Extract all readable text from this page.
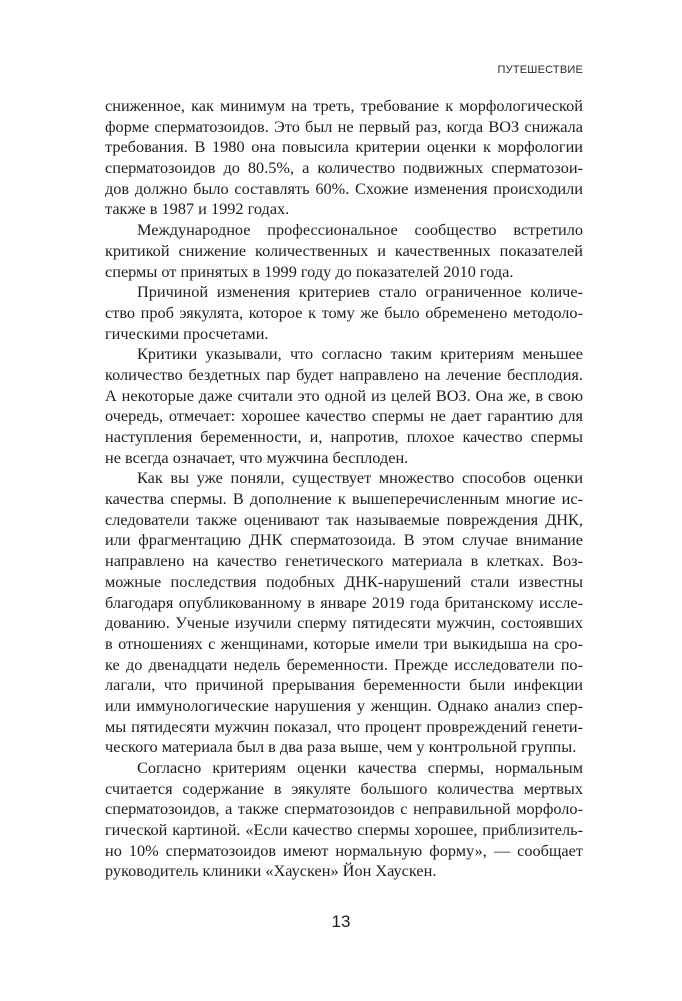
ПУТЕШЕСТВИЕ
сниженное, как минимум на треть, требование к морфологической
форме сперматозоидов. Это был не первый раз, когда ВОЗ снижала
требования. В 1980 она повысила критерии оценки к морфологии
сперматозоидов до 80.5%, а количество подвижных сперматозои-
дов должно было составлять 60%. Схожие изменения происходили
также в 1987 и 1992 годах.
Международное профессиональное сообщество встретило
критикой снижение количественных и качественных показателей
спермы от принятых в 1999 году до показателей 2010 года.
Причиной изменения критериев стало ограниченное количе-
ство проб эякулята, которое к тому же было обременено методоло-
гическими просчетами.
Критики указывали, что согласно таким критериям меньшее
количество бездетных пар будет направлено на лечение бесплодия.
А некоторые даже считали это одной из целей ВОЗ. Она же, в свою
очередь, отмечает: хорошее качество спермы не дает гарантию для
наступления беременности, и, напротив, плохое качество спермы
не всегда означает, что мужчина бесплоден.
Как вы уже поняли, существует множество способов оценки
качества спермы. В дополнение к вышеперечисленным многие ис-
следователи также оценивают так называемые повреждения ДНК,
или фрагментацию ДНК сперматозоида. В этом случае внимание
направлено на качество генетического материала в клетках. Воз-
можные последствия подобных ДНК-нарушений стали известны
благодаря опубликованному в январе 2019 года британскому иссле-
дованию. Ученые изучили сперму пятидесяти мужчин, состоявших
в отношениях с женщинами, которые имели три выкидыша на сро-
ке до двенадцати недель беременности. Прежде исследователи по-
лагали, что причиной прерывания беременности были инфекции
или иммунологические нарушения у женщин. Однако анализ спер-
мы пятидесяти мужчин показал, что процент провреждений генети-
ческого материала был в два раза выше, чем у контрольной группы.
Согласно критериям оценки качества спермы, нормальным
считается содержание в эякуляте большого количества мертвых
сперматозоидов, а также сперматозоидов с неправильной морфоло-
гической картиной. «Если качество спермы хорошее, приблизитель-
но 10% сперматозоидов имеют нормальную форму», — сообщает
руководитель клиники «Хаускен» Йон Хаускен.
13
